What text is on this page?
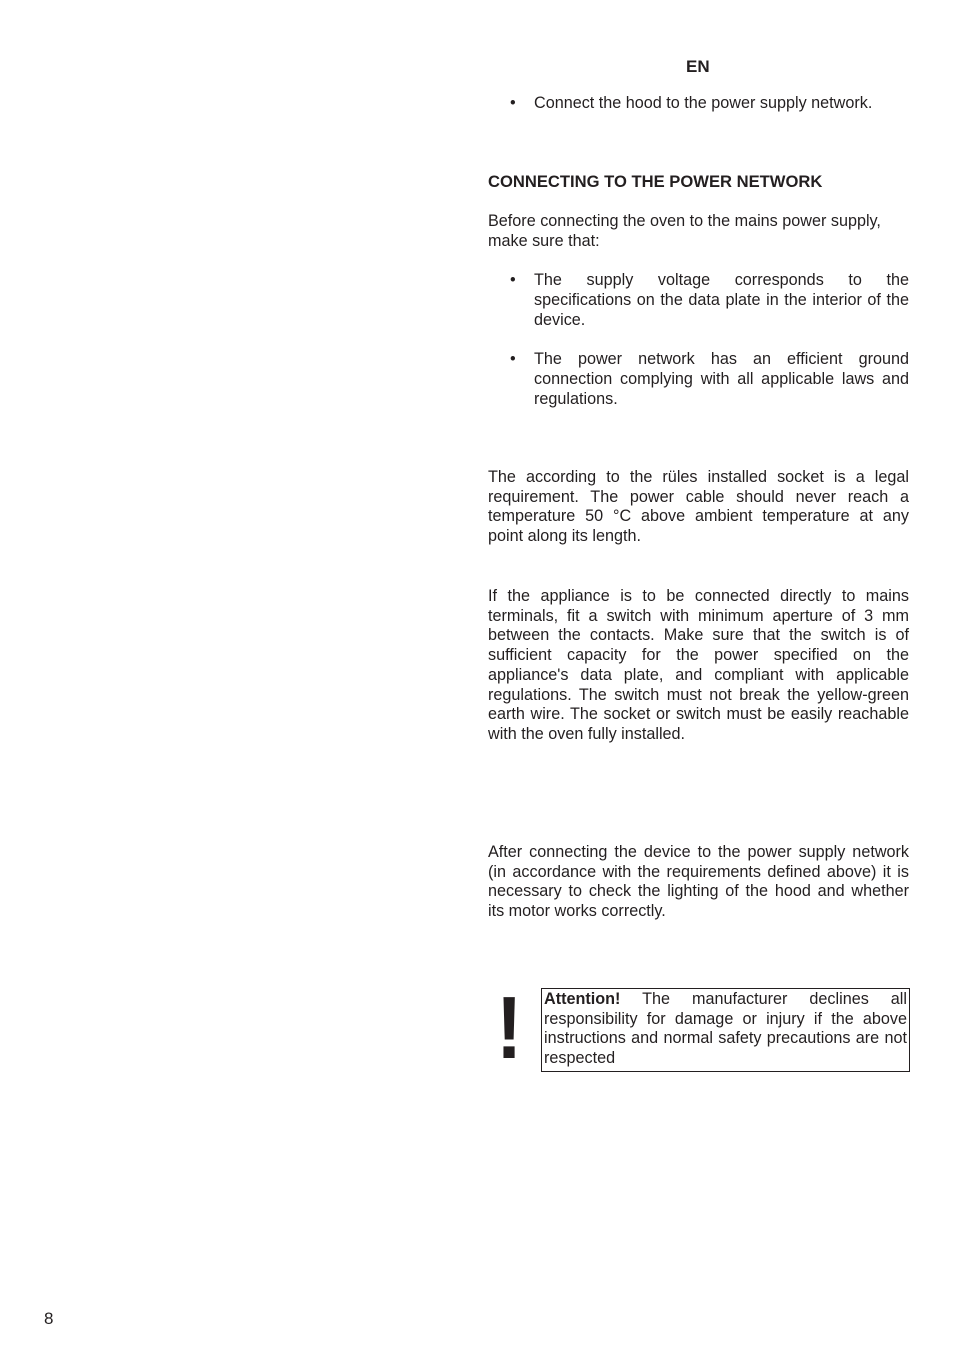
EN
• Connect the hood to the power supply network.
CONNECTING TO THE POWER NETWORK
Before connecting the oven to the mains power supply, make sure that:
• The supply voltage corresponds to the specifications on the data plate in the interior of the device.
• The power network has an efficient ground connection complying with all applicable laws and regulations.
The according to the rüles installed socket is a legal requirement. The power cable should never reach a temperature 50 °C above ambient temperature at any point along its length.
If the appliance is to be connected directly to mains terminals, fit a switch with minimum aperture of 3 mm between the contacts. Make sure that the switch is of sufficient capacity for the power specified on the appliance's data plate, and compliant with applicable regulations. The switch must not break the yellow-green earth wire. The socket or switch must be easily reachable with the oven fully installed.
After connecting the device to the power supply network (in accordance with the requirements defined above) it is necessary to check the lighting of the hood and whether its motor works correctly.
! Attention! The manufacturer declines all responsibility for damage or injury if the above instructions and normal safety precautions are not respected
8
